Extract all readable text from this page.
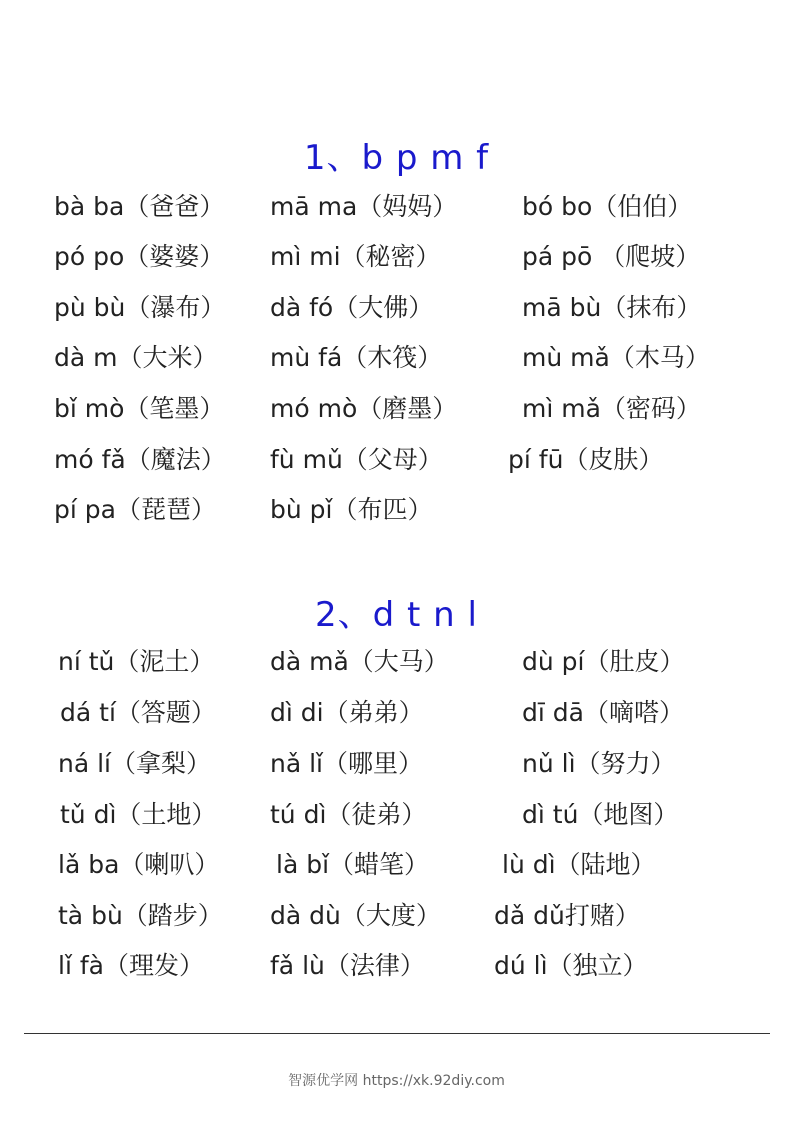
1、b p m f
bà ba（爸爸） mā ma（妈妈）	bó bo（伯伯）
pó po（婆婆） mì mi（秘密）	pá pō （爬坡）
pù bù（瀑布） dà fó（大佛）	mā bù（抹布）
dà m（大米） mù fá（木筏）	mù mǎ（木马）
bǐ mò（笔墨） mó mò（磨墨）	mì mǎ（密码）
mó fǎ（魔法） fù mǔ（父母）	pí fū（皮肤）
pí pa（琵琶） bù pǐ（布匹）
2、d t n l
ní tǔ（泥土） dà mǎ（大马）	dù pí（肚皮）
dá tí（答题） dì di（弟弟）	dī dā（嘀嗒）
ná lí（拿梨） nǎ lǐ（哪里）	nǔ lì（努力）
tǔ dì（土地） tú dì（徒弟）	dì tú（地图）
lǎ ba（喇叭） là bǐ（蜡笔）	lù dì（陆地）
tà bù（踏步） dà dù（大度） dǎ dǔ打赌）
lǐ fà（理发）	fǎ lù（法律）	dú lì（独立）
智源优学网 https://xk.92diy.com
